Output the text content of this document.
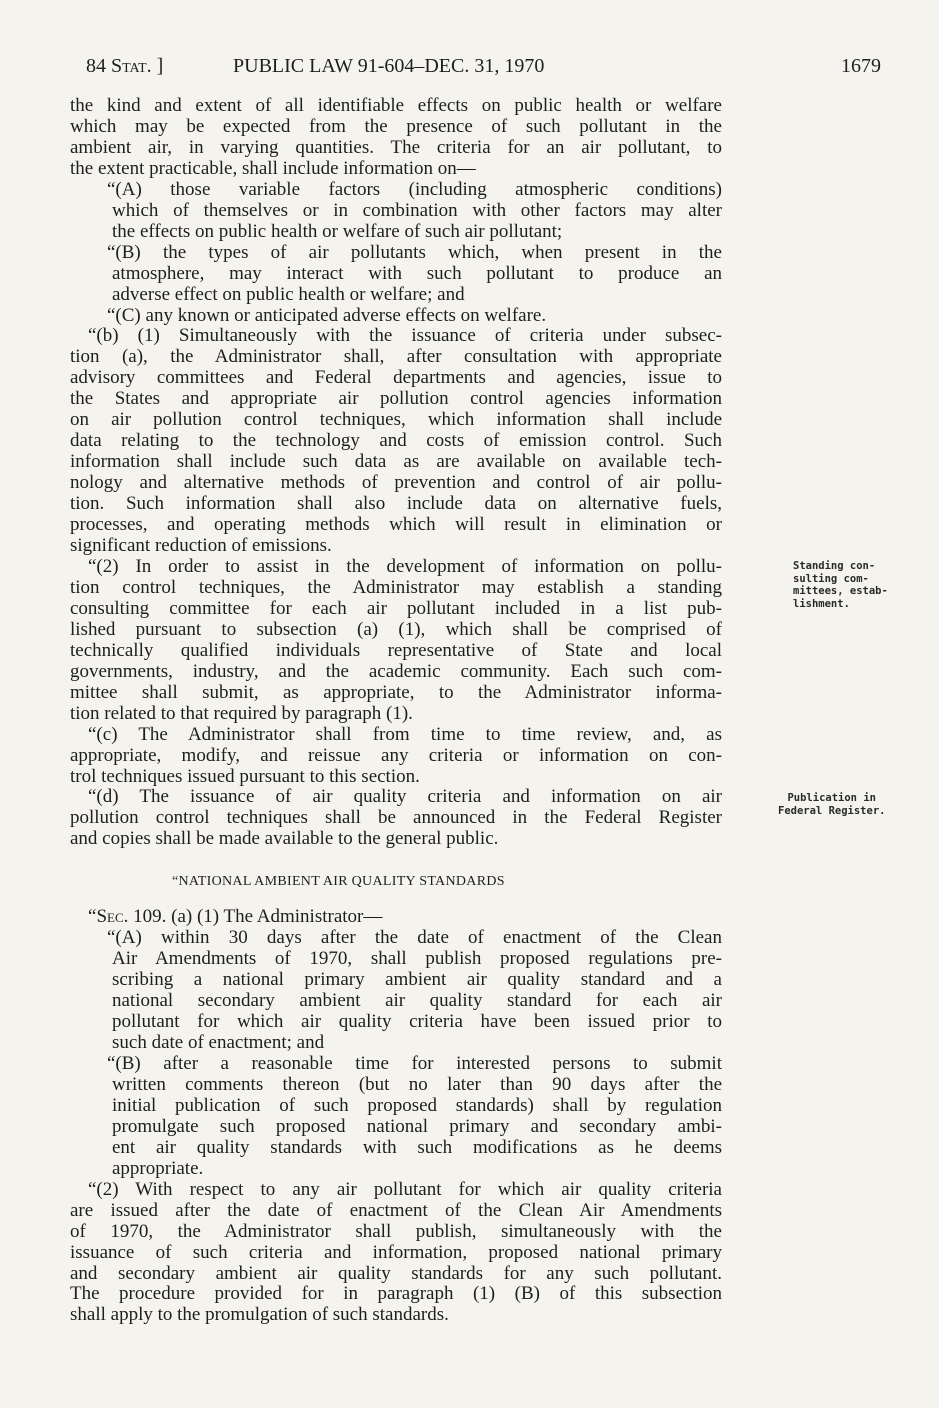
84 Stat. ]	PUBLIC LAW 91-604–DEC. 31, 1970	1679
the kind and extent of all identifiable effects on public health or welfare
which may be expected from the presence of such pollutant in the
ambient air, in varying quantities. The criteria for an air pollutant, to
the extent practicable, shall include information on—
“(A) those variable factors (including atmospheric conditions)
which of themselves or in combination with other factors may alter
the effects on public health or welfare of such air pollutant;
“(B) the types of air pollutants which, when present in the
atmosphere, may interact with such pollutant to produce an
adverse effect on public health or welfare; and
“(C) any known or anticipated adverse effects on welfare.
“(b) (1) Simultaneously with the issuance of criteria under subsec-
tion (a), the Administrator shall, after consultation with appropriate
advisory committees and Federal departments and agencies, issue to
the States and appropriate air pollution control agencies information
on air pollution control techniques, which information shall include
data relating to the technology and costs of emission control. Such
information shall include such data as are available on available tech-
nology and alternative methods of prevention and control of air pollu-
tion. Such information shall also include data on alternative fuels,
processes, and operating methods which will result in elimination or
significant reduction of emissions.
“(2) In order to assist in the development of information on pollu-
tion control techniques, the Administrator may establish a standing
consulting committee for each air pollutant included in a list pub-
lished pursuant to subsection (a) (1), which shall be comprised of
technically qualified individuals representative of State and local
governments, industry, and the academic community. Each such com-
mittee shall submit, as appropriate, to the Administrator informa-
tion related to that required by paragraph (1).
“(c) The Administrator shall from time to time review, and, as
appropriate, modify, and reissue any criteria or information on con-
trol techniques issued pursuant to this section.
“(d) The issuance of air quality criteria and information on air
pollution control techniques shall be announced in the Federal Register
and copies shall be made available to the general public.
“NATIONAL AMBIENT AIR QUALITY STANDARDS
“Sec. 109. (a) (1) The Administrator—
“(A) within 30 days after the date of enactment of the Clean
Air Amendments of 1970, shall publish proposed regulations pre-
scribing a national primary ambient air quality standard and a
national secondary ambient air quality standard for each air
pollutant for which air quality criteria have been issued prior to
such date of enactment; and
“(B) after a reasonable time for interested persons to submit
written comments thereon (but no later than 90 days after the
initial publication of such proposed standards) shall by regulation
promulgate such proposed national primary and secondary ambi-
ent air quality standards with such modifications as he deems
appropriate.
“(2) With respect to any air pollutant for which air quality criteria
are issued after the date of enactment of the Clean Air Amendments
of 1970, the Administrator shall publish, simultaneously with the
issuance of such criteria and information, proposed national primary
and secondary ambient air quality standards for any such pollutant.
The procedure provided for in paragraph (1) (B) of this subsection
shall apply to the promulgation of such standards.
Standing con-
sulting com-
mittees, estab-
lishment.
Publication in
Federal Register.
